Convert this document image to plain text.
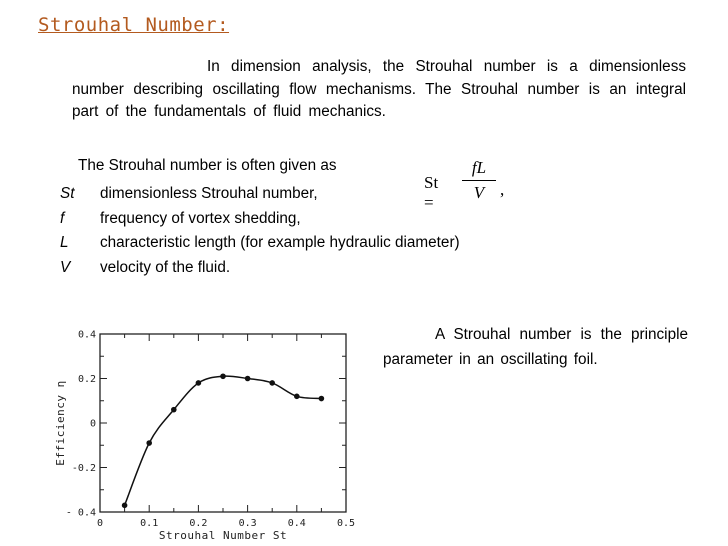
Strouhal Number:
In dimension analysis, the Strouhal number is a dimensionless number describing oscillating flow mechanisms. The Strouhal number is an integral part of the fundamentals of fluid mechanics.
The Strouhal number is often given as
St =
fL
V ,
St dimensionless Strouhal number,
f frequency of vortex shedding,
L characteristic length (for example hydraulic diameter)
V velocity of the fluid.
A Strouhal number is the principle parameter in an oscillating foil.
0	0.1	0.2	0.3	0.4	0.5
- 0.4
-0.2
0
0.2
0.4
Strouhal Number St
Efficiency η
